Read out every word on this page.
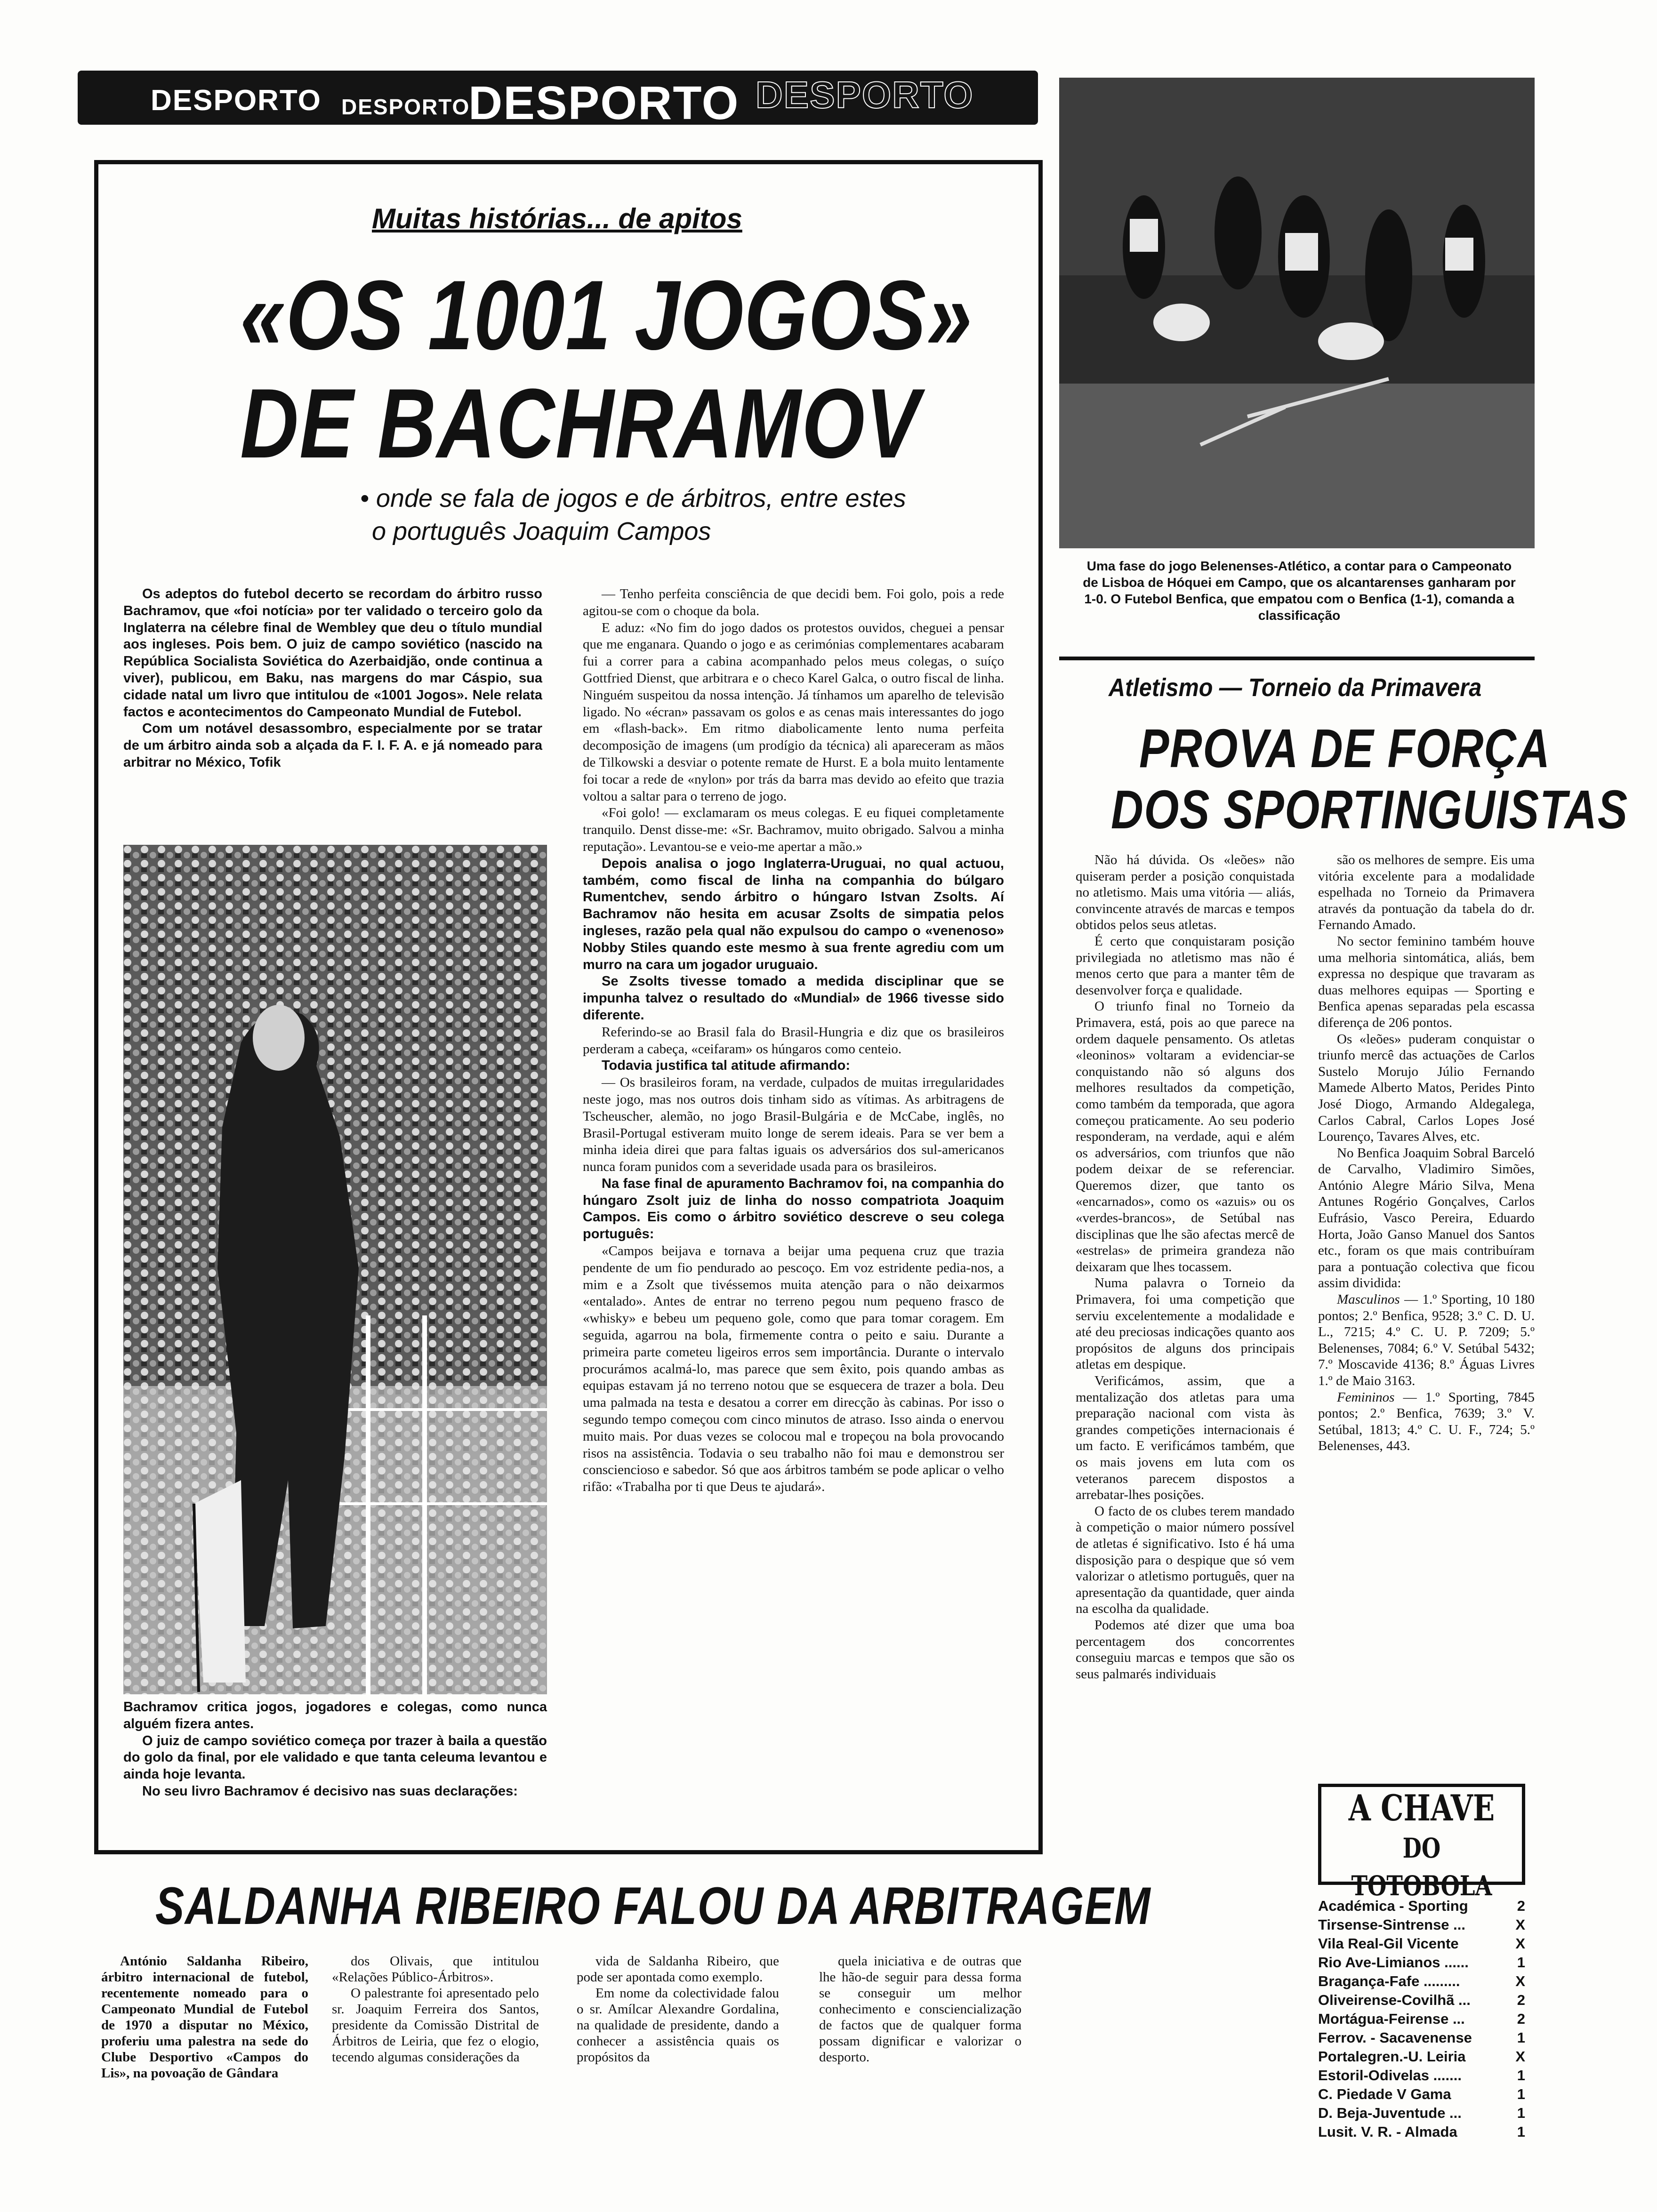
DESPORTO DESPORTO
DESPORTO DESPORTO
Muitas histórias... de apitos
«OS 1001 JOGOS»
DE BACHRAMOV
• onde se fala de jogos e de árbitros, entre estes
o português Joaquim Campos

Os adeptos do futebol decerto se recordam do árbitro russo Bachramov, que «foi notícia» por ter validado o terceiro golo da Inglaterra na célebre final de Wembley que deu o título mundial aos ingleses. Pois bem. O juiz de campo soviético (nascido na República Socialista Soviética do Azerbaidjão, onde continua a viver), publicou, em Baku, nas margens do mar Cáspio, sua cidade natal um livro que intitulou de «1001 Jogos». Nele relata factos e acontecimentos do Campeonato Mundial de Futebol.

Com um notável desassombro, especialmente por se tratar de um árbitro ainda sob a alçada da F. I. F. A. e já nomeado para arbitrar no México, Tofik

Bachramov critica jogos, jogadores e colegas, como nunca alguém fizera antes.

O juiz de campo soviético começa por trazer à baila a questão do golo da final, por ele validado e que tanta celeuma levantou e ainda hoje levanta.

No seu livro Bachramov é decisivo nas suas declarações:

— Tenho perfeita consciência de que decidi bem. Foi golo, pois a rede agitou-se com o choque da bola.

E aduz: «No fim do jogo dados os protestos ouvidos, cheguei a pensar que me enganara. Quando o jogo e as cerimónias complementares acabaram fui a correr para a cabina acompanhado pelos meus colegas, o suíço Gottfried Dienst, que arbitrara e o checo Karel Galca, o outro fiscal de linha. Ninguém suspeitou da nossa intenção. Já tínhamos um aparelho de televisão ligado. No «écran» passavam os golos e as cenas mais interessantes do jogo em «flash-back». Em ritmo diabolicamente lento numa perfeita decomposição de imagens (um prodígio da técnica) ali apareceram as mãos de Tilkowski a desviar o potente remate de Hurst. E a bola muito lentamente foi tocar a rede de «nylon» por trás da barra mas devido ao efeito que trazia voltou a saltar para o terreno de jogo.

«Foi golo! — exclamaram os meus colegas. E eu fiquei completamente tranquilo. Denst disse-me: «Sr. Bachramov, muito obrigado. Salvou a minha reputação». Levantou-se e veio-me apertar a mão.»

Depois analisa o jogo Inglaterra-Uruguai, no qual actuou, também, como fiscal de linha na companhia do búlgaro Rumentchev, sendo árbitro o húngaro Istvan Zsolts. Aí Bachramov não hesita em acusar Zsolts de simpatia pelos ingleses, razão pela qual não expulsou do campo o «venenoso» Nobby Stiles quando este mesmo à sua frente agrediu com um murro na cara um jogador uruguaio.

Se Zsolts tivesse tomado a medida disciplinar que se impunha talvez o resultado do «Mundial» de 1966 tivesse sido diferente.

Referindo-se ao Brasil fala do Brasil-Hungria e diz que os brasileiros perderam a cabeça, «ceifaram» os húngaros como centeio.

Todavia justifica tal atitude afirmando:

— Os brasileiros foram, na verdade, culpados de muitas irregularidades neste jogo, mas nos outros dois tinham sido as vítimas. As arbitragens de Tscheuscher, alemão, no jogo Brasil-Bulgária e de McCabe, inglês, no Brasil-Portugal estiveram muito longe de serem ideais. Para se ver bem a minha ideia direi que para faltas iguais os adversários dos sul-americanos nunca foram punidos com a severidade usada para os brasileiros.

Na fase final de apuramento Bachramov foi, na companhia do húngaro Zsolt juiz de linha do nosso compatriota Joaquim Campos. Eis como o árbitro soviético descreve o seu colega português:

«Campos beijava e tornava a beijar uma pequena cruz que trazia pendente de um fio pendurado ao pescoço. Em voz estridente pedia-nos, a mim e a Zsolt que tivéssemos muita atenção para o não deixarmos «entalado». Antes de entrar no terreno pegou num pequeno frasco de «whisky» e bebeu um pequeno gole, como que para tomar coragem. Em seguida, agarrou na bola, firmemente contra o peito e saiu. Durante a primeira parte cometeu ligeiros erros sem importância. Durante o intervalo procurámos acalmá-lo, mas parece que sem êxito, pois quando ambas as equipas estavam já no terreno notou que se esquecera de trazer a bola. Deu uma palmada na testa e desatou a correr em direcção às cabinas. Por isso o segundo tempo começou com cinco minutos de atraso. Isso ainda o enervou muito mais. Por duas vezes se colocou mal e tropeçou na bola provocando risos na assistência. Todavia o seu trabalho não foi mau e demonstrou ser consciencioso e sabedor. Só que aos árbitros também se pode aplicar o velho rifão: «Trabalha por ti que Deus te ajudará».

Uma fase do jogo Belenenses-Atlético, a contar para o Campeonato de Lisboa de Hóquei em Campo, que os alcantarenses ganharam por 1-0. O Futebol Benfica, que empatou com o Benfica (1-1), comanda a classificação
Atletismo — Torneio da Primavera
PROVA DE FORÇA
DOS SPORTINGUISTAS

Não há dúvida. Os «leões» não quiseram perder a posição conquistada no atletismo. Mais uma vitória — aliás, convincente através de marcas e tempos obtidos pelos seus atletas.

É certo que conquistaram posição privilegiada no atletismo mas não é menos certo que para a manter têm de desenvolver força e qualidade.

O triunfo final no Torneio da Primavera, está, pois ao que parece na ordem daquele pensamento. Os atletas «leoninos» voltaram a evidenciar-se conquistando não só alguns dos melhores resultados da competição, como também da temporada, que agora começou praticamente. Ao seu poderio responderam, na verdade, aqui e além os adversários, com triunfos que não podem deixar de se referenciar. Queremos dizer, que tanto os «encarnados», como os «azuis» ou os «verdes-brancos», de Setúbal nas disciplinas que lhe são afectas mercê de «estrelas» de primeira grandeza não deixaram que lhes tocassem.

Numa palavra o Torneio da Primavera, foi uma competição que serviu excelentemente a modalidade e até deu preciosas indicações quanto aos propósitos de alguns dos principais atletas em despique.

Verificámos, assim, que a mentalização dos atletas para uma preparação nacional com vista às grandes competições internacionais é um facto. E verificámos também, que os mais jovens em luta com os veteranos parecem dispostos a arrebatar-lhes posições.

O facto de os clubes terem mandado à competição o maior número possível de atletas é significativo. Isto é há uma disposição para o despique que só vem valorizar o atletismo português, quer na apresentação da quantidade, quer ainda na escolha da qualidade.

Podemos até dizer que uma boa percentagem dos concorrentes conseguiu marcas e tempos que são os seus palmarés individuais

são os melhores de sempre. Eis uma vitória excelente para a modalidade espelhada no Torneio da Primavera através da pontuação da tabela do dr. Fernando Amado.

No sector feminino também houve uma melhoria sintomática, aliás, bem expressa no despique que travaram as duas melhores equipas — Sporting e Benfica apenas separadas pela escassa diferença de 206 pontos.

Os «leões» puderam conquistar o triunfo mercê das actuações de Carlos Sustelo Morujo Júlio Fernando Mamede Alberto Matos, Perides Pinto José Diogo, Armando Aldegalega, Carlos Cabral, Carlos Lopes José Lourenço, Tavares Alves, etc.

No Benfica Joaquim Sobral Barceló de Carvalho, Vladimiro Simões, António Alegre Mário Silva, Mena Antunes Rogério Gonçalves, Carlos Eufrásio, Vasco Pereira, Eduardo Horta, João Ganso Manuel dos Santos etc., foram os que mais contribuíram para a pontuação colectiva que ficou assim dividida:

Masculinos — 1.º Sporting, 10 180 pontos; 2.º Benfica, 9528; 3.º C. D. U. L., 7215; 4.º C. U. P. 7209; 5.º Belenenses, 7084; 6.º V. Setúbal 5432; 7.º Moscavide 4136; 8.º Águas Livres 1.º de Maio 3163.

Femininos — 1.º Sporting, 7845 pontos; 2.º Benfica, 7639; 3.º V. Setúbal, 1813; 4.º C. U. F., 724; 5.º Belenenses, 443.

A CHAVE
DO TOTOBOLA
Académica - Sporting	2
Tirsense-Sintrense ...	X
Vila Real-Gil Vicente	X
Rio Ave-Limianos ......	1
Bragança-Fafe .........	X
Oliveirense-Covilhã ...	2
Mortágua-Feirense ...	2
Ferrov. - Sacavenense	1
Portalegren.-U. Leiria	X
Estoril-Odivelas .......	1
C. Piedade V Gama	1
D. Beja-Juventude ...	1
Lusit. V. R. - Almada	1
SALDANHA RIBEIRO FALOU DA ARBITRAGEM

António Saldanha Ribeiro, árbitro internacional de futebol, recentemente nomeado para o Campeonato Mundial de Futebol de 1970 a disputar no México, proferiu uma palestra na sede do Clube Desportivo «Campos do Lis», na povoação de Gândara

dos Olivais, que intitulou «Relações Público-Árbitros».

O palestrante foi apresentado pelo sr. Joaquim Ferreira dos Santos, presidente da Comissão Distrital de Árbitros de Leiria, que fez o elogio, tecendo algumas considerações da

vida de Saldanha Ribeiro, que pode ser apontada como exemplo.

Em nome da colectividade falou o sr. Amílcar Alexandre Gordalina, na qualidade de presidente, dando a conhecer a assistência quais os propósitos da

quela iniciativa e de outras que lhe hão-de seguir para dessa forma se conseguir um melhor conhecimento e consciencialização de factos que de qualquer forma possam dignificar e valorizar o desporto.
